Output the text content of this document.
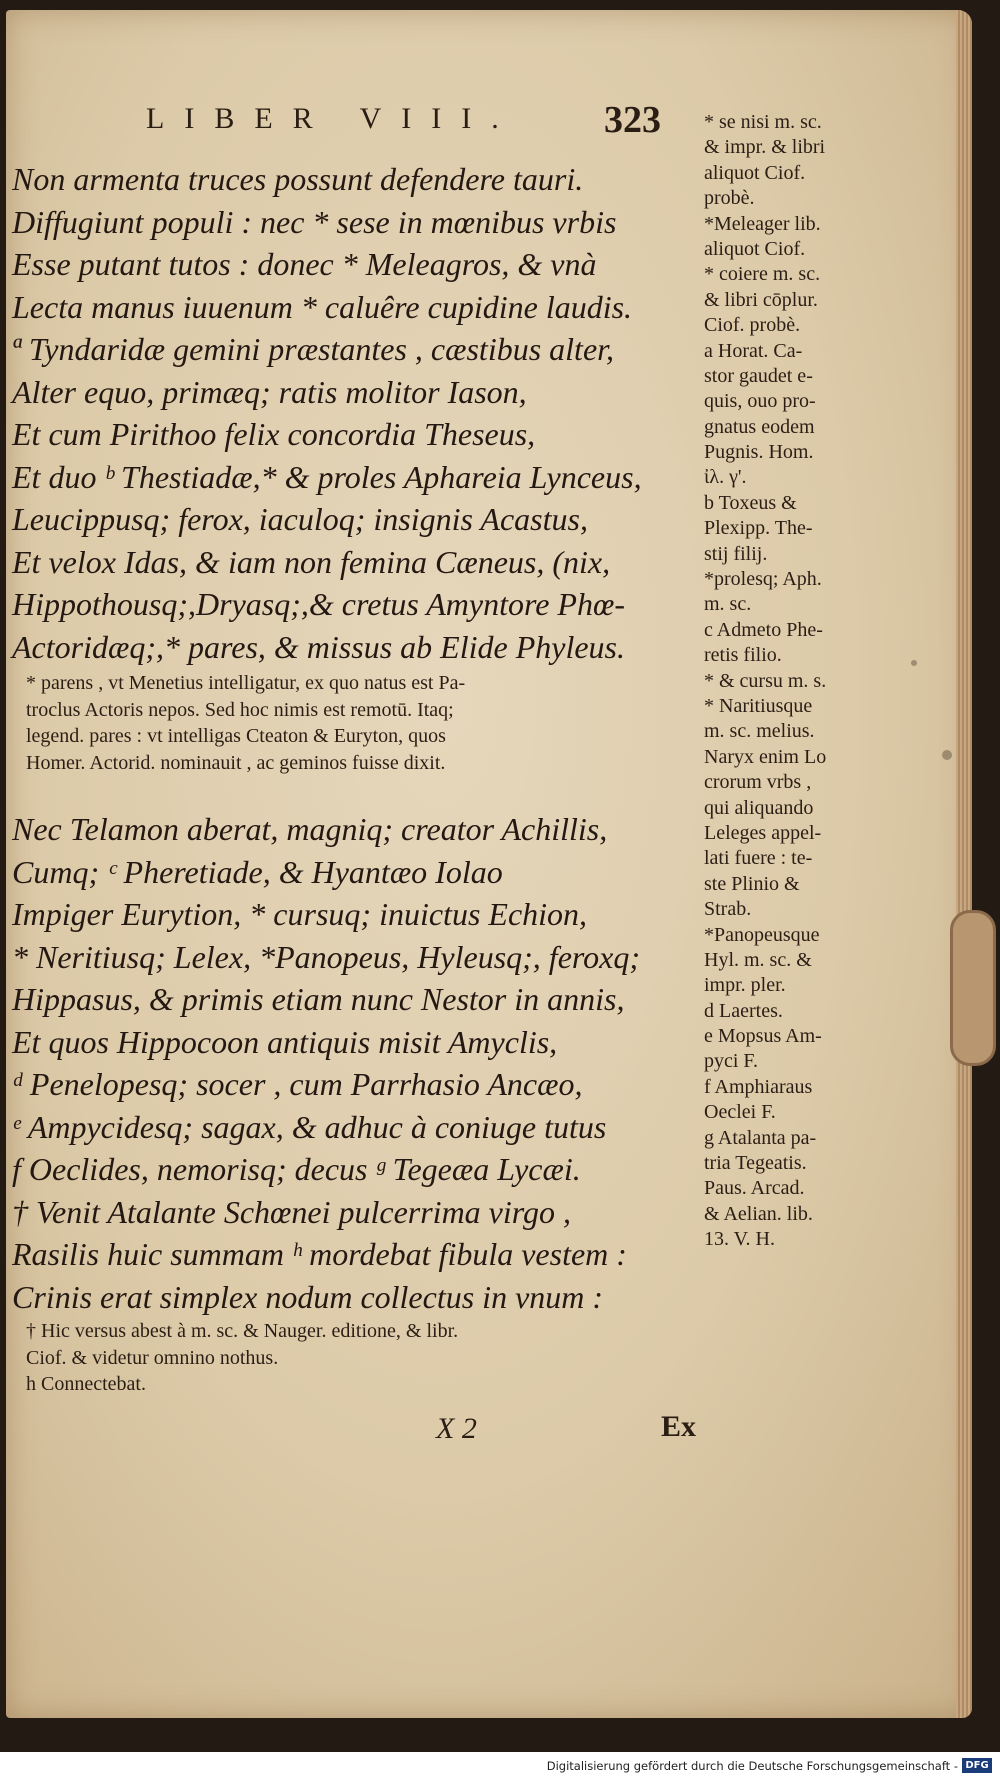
LIBER VIII. 323
Non armenta truces possunt defendere tauri.
Diffugiunt populi : nec * sese in mœnibus vrbis
Esse putant tutos : donec * Meleagros, & vnà
Lecta manus iuuenum * caluêre cupidine laudis.
ª Tyndaridæ gemini præstantes , cæstibus alter,
Alter equo, primæq; ratis molitor Iason,
Et cum Pirithoo felix concordia Theseus,
Et duo ᵇ Thestiadæ,* & proles Aphareia Lynceus,
Leucippusq; ferox, iaculoq; insignis Acastus,
Et velox Idas, & iam non femina Cæneus, (nix,
Hippothousq;,Dryasq;,& cretus Amyntore Phœ-
Actoridæq;,* pares, & missus ab Elide Phyleus.
* parens , vt Menetius intelligatur, ex quo natus est Pa-
troclus Actoris nepos. Sed hoc nimis est remotū. Itaq;
legend. pares : vt intelligas Cteaton & Euryton, quos
Homer. Actorid. nominauit , ac geminos fuisse dixit.
Nec Telamon aberat, magniq; creator Achillis,
Cumq; ᶜ Pheretiade, & Hyantæo Iolao
Impiger Eurytion, * cursuq; inuictus Echion,
* Neritiusq; Lelex, *Panopeus, Hyleusq;, feroxq;
Hippasus, & primis etiam nunc Nestor in annis,
Et quos Hippocoon antiquis misit Amyclis,
ᵈ Penelopesq; socer , cum Parrhasio Ancæo,
ᵉ Ampycidesq; sagax, & adhuc à coniuge tutus
f Oeclides, nemorisq; decus ᵍ Tegeæa Lycæi.
† Venit Atalante Schœnei pulcerrima virgo ,
Rasilis huic summam ʰ mordebat fibula vestem :
Crinis erat simplex nodum collectus in vnum :
† Hic versus abest à m. sc. & Nauger. editione, & libr.
Ciof. & videtur omnino nothus.
h Connectebat.
* se nisi m. sc.
& impr. & libri
aliquot Ciof.
probè.
*Meleager lib.
aliquot Ciof.
* coiere m. sc.
& libri cōplur.
Ciof. probè.
a Horat. Ca-
stor gaudet e-
quis, ouo pro-
gnatus eodem
Pugnis. Hom.
ἰλ. γ'.
b Toxeus &
Plexipp. The-
stij filij.
*prolesq; Aph.
m. sc.
c Admeto Phe-
retis filio.
* & cursu m. s.
* Naritiusque
m. sc. melius.
Naryx enim Lo
crorum vrbs ,
qui aliquando
Leleges appel-
lati fuere : te-
ste Plinio &
Strab.
*Panopeusque
Hyl. m. sc. &
impr. pler.
d Laertes.
e Mopsus Am-
pyci F.
f Amphiaraus
Oeclei F.
g Atalanta pa-
tria Tegeatis.
Paus. Arcad.
& Aelian. lib.
13. V. H.
X 2	Ex
Digitalisierung gefördert durch die Deutsche Forschungsgemeinschaft - DFG
